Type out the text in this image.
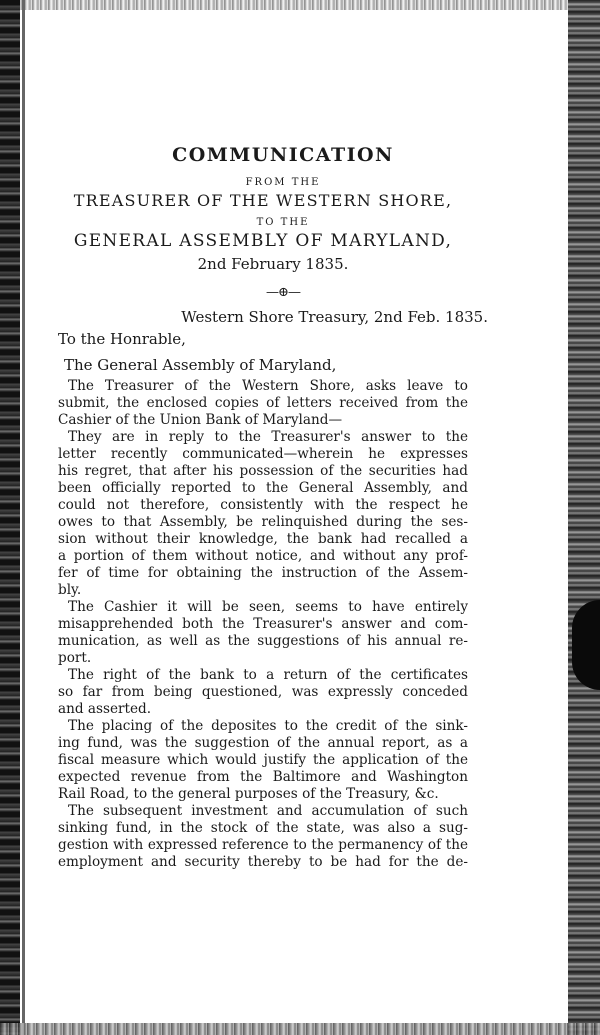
COMMUNICATION
FROM THE
TREASURER OF THE WESTERN SHORE,
TO THE
GENERAL ASSEMBLY OF MARYLAND,
2nd February 1835.
—⊕—
Western Shore Treasury, 2nd Feb. 1835.
To the Honrable,
The General Assembly of Maryland,
The Treasurer of the Western Shore, asks leave to
submit, the enclosed copies of letters received from the
Cashier of the Union Bank of Maryland—
They are in reply to the Treasurer's answer to the
letter recently communicated—wherein he expresses
his regret, that after his possession of the securities had
been officially reported to the General Assembly, and
could not therefore, consistently with the respect he
owes to that Assembly, be relinquished during the ses-
sion without their knowledge, the bank had recalled a
a portion of them without notice, and without any prof-
fer of time for obtaining the instruction of the Assem-
bly.
The Cashier it will be seen, seems to have entirely
misapprehended both the Treasurer's answer and com-
munication, as well as the suggestions of his annual re-
port.
The right of the bank to a return of the certificates
so far from being questioned, was expressly conceded
and asserted.
The placing of the deposites to the credit of the sink-
ing fund, was the suggestion of the annual report, as a
fiscal measure which would justify the application of the
expected revenue from the Baltimore and Washington
Rail Road, to the general purposes of the Treasury, &c.
The subsequent investment and accumulation of such
sinking fund, in the stock of the state, was also a sug-
gestion with expressed reference to the permanency of the
employment and security thereby to be had for the de-
